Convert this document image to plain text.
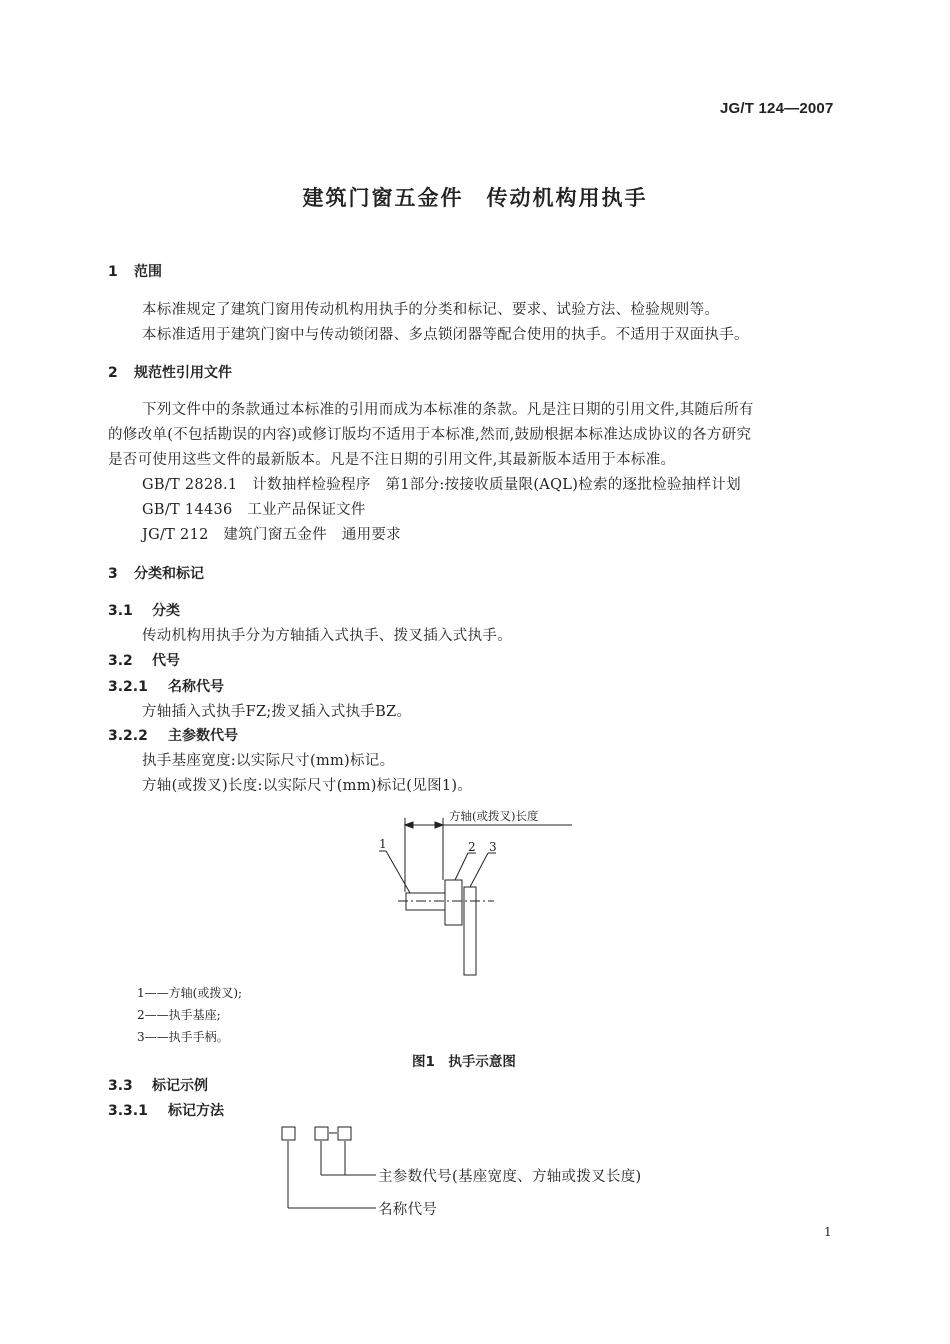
JG/T 124—2007
建筑门窗五金件　传动机构用执手
1 范围
本标准规定了建筑门窗用传动机构用执手的分类和标记、要求、试验方法、检验规则等。
本标准适用于建筑门窗中与传动锁闭器、多点锁闭器等配合使用的执手。不适用于双面执手。
2 规范性引用文件
下列文件中的条款通过本标准的引用而成为本标准的条款。凡是注日期的引用文件,其随后所有
的修改单(不包括勘误的内容)或修订版均不适用于本标准,然而,鼓励根据本标准达成协议的各方研究
是否可使用这些文件的最新版本。凡是不注日期的引用文件,其最新版本适用于本标准。
GB/T 2828.1　计数抽样检验程序　第1部分:按接收质量限(AQL)检索的逐批检验抽样计划
GB/T 14436　工业产品保证文件
JG/T 212　建筑门窗五金件　通用要求
3 分类和标记
3.1 分类
传动机构用执手分为方轴插入式执手、拨叉插入式执手。
3.2 代号
3.2.1 名称代号
方轴插入式执手FZ;拨叉插入式执手BZ。
3.2.2 主参数代号
执手基座宽度:以实际尺寸(mm)标记。
方轴(或拨叉)长度:以实际尺寸(mm)标记(见图1)。
方轴(或拨叉)长度
1	2 3
1——方轴(或拨叉);
2——执手基座;
3——执手手柄。
图1　执手示意图
3.3 标记示例
3.3.1 标记方法
主参数代号(基座宽度、方轴或拨叉长度)
名称代号
1
